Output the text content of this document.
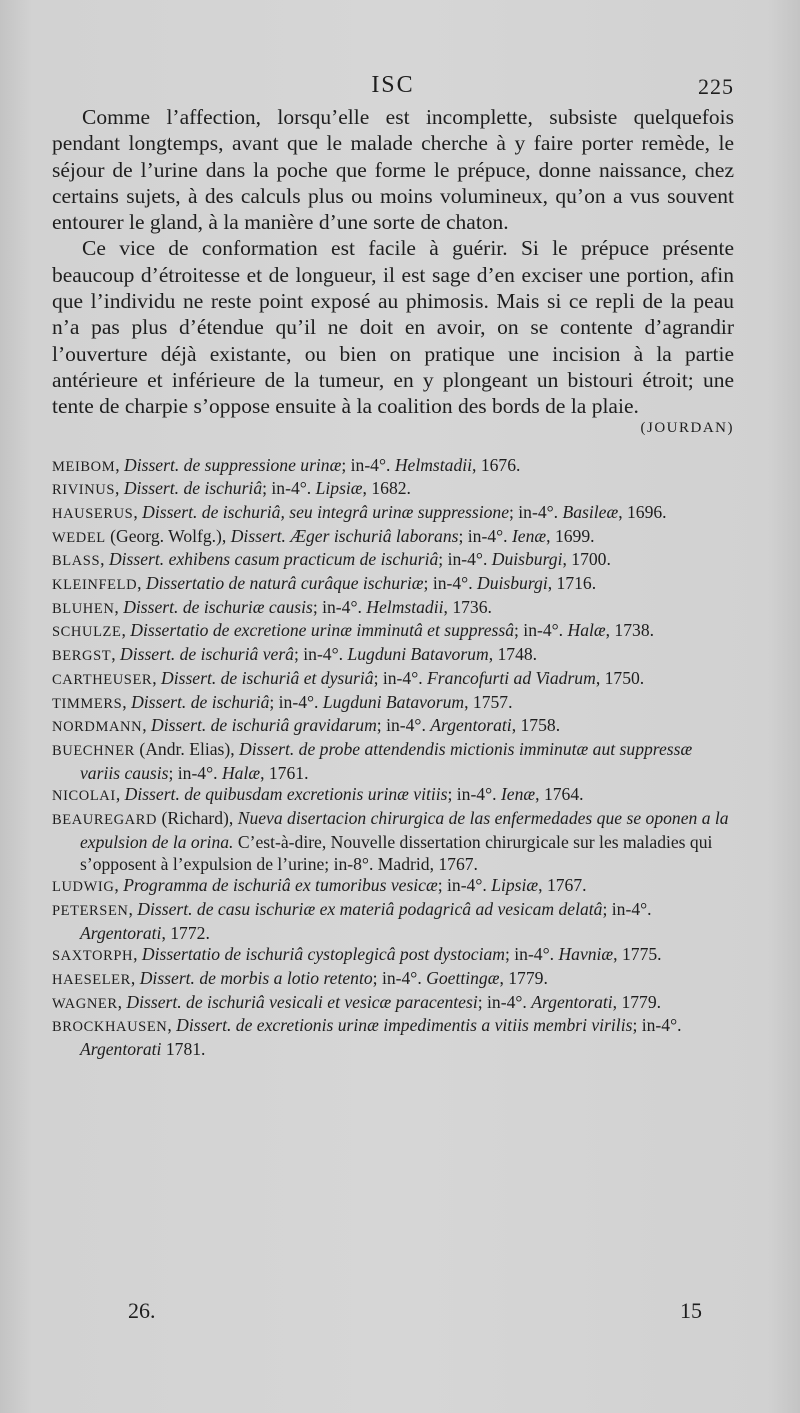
ISC	225

Comme l’affection, lorsqu’elle est incomplette, subsiste quelquefois pendant longtemps, avant que le malade cherche à y faire porter remède, le séjour de l’urine dans la poche que forme le prépuce, donne naissance, chez certains sujets, à des calculs plus ou moins volumineux, qu’on a vus souvent entourer le gland, à la manière d’une sorte de chaton.

Ce vice de conformation est facile à guérir. Si le prépuce présente beaucoup d’étroitesse et de longueur, il est sage d’en exciser une portion, afin que l’individu ne reste point exposé au phimosis. Mais si ce repli de la peau n’a pas plus d’étendue qu’il ne doit en avoir, on se contente d’agrandir l’ouverture déjà existante, ou bien on pratique une incision à la partie antérieure et inférieure de la tumeur, en y plongeant un bistouri étroit; une tente de charpie s’oppose ensuite à la coalition des bords de la plaie.

(JOURDAN)

MEIBOM, Dissert. de suppressione urinæ; in-4°. Helmstadii, 1676.

RIVINUS, Dissert. de ischuriâ; in-4°. Lipsiæ, 1682.

HAUSERUS, Dissert. de ischuriâ, seu integrâ urinæ suppressione; in-4°. Basileæ, 1696.

WEDEL (Georg. Wolfg.), Dissert. Æger ischuriâ laborans; in-4°. Ienæ, 1699.

BLASS, Dissert. exhibens casum practicum de ischuriâ; in-4°. Duisburgi, 1700.

KLEINFELD, Dissertatio de naturâ curâque ischuriæ; in-4°. Duisburgi, 1716.

BLUHEN, Dissert. de ischuriæ causis; in-4°. Helmstadii, 1736.

SCHULZE, Dissertatio de excretione urinæ imminutâ et suppressâ; in-4°. Halæ, 1738.

BERGST, Dissert. de ischuriâ verâ; in-4°. Lugduni Batavorum, 1748.

CARTHEUSER, Dissert. de ischuriâ et dysuriâ; in-4°. Francofurti ad Viadrum, 1750.

TIMMERS, Dissert. de ischuriâ; in-4°. Lugduni Batavorum, 1757.

NORDMANN, Dissert. de ischuriâ gravidarum; in-4°. Argentorati, 1758.

BUECHNER (Andr. Elias), Dissert. de probe attendendis mictionis imminutæ aut suppressæ variis causis; in-4°. Halæ, 1761.

NICOLAI, Dissert. de quibusdam excretionis urinæ vitiis; in-4°. Ienæ, 1764.

BEAUREGARD (Richard), Nueva disertacion chirurgica de las enfermedades que se oponen a la expulsion de la orina. C’est-à-dire, Nouvelle dissertation chirurgicale sur les maladies qui s’opposent à l’expulsion de l’urine; in-8°. Madrid, 1767.

LUDWIG, Programma de ischuriâ ex tumoribus vesicæ; in-4°. Lipsiæ, 1767.

PETERSEN, Dissert. de casu ischuriæ ex materiâ podagricâ ad vesicam delatâ; in-4°. Argentorati, 1772.

SAXTORPH, Dissertatio de ischuriâ cystoplegicâ post dystociam; in-4°. Havniæ, 1775.

HAESELER, Dissert. de morbis a lotio retento; in-4°. Goettingæ, 1779.

WAGNER, Dissert. de ischuriâ vesicali et vesicæ paracentesi; in-4°. Argentorati, 1779.

BROCKHAUSEN, Dissert. de excretionis urinæ impedimentis a vitiis membri virilis; in-4°. Argentorati 1781.

26.	15
